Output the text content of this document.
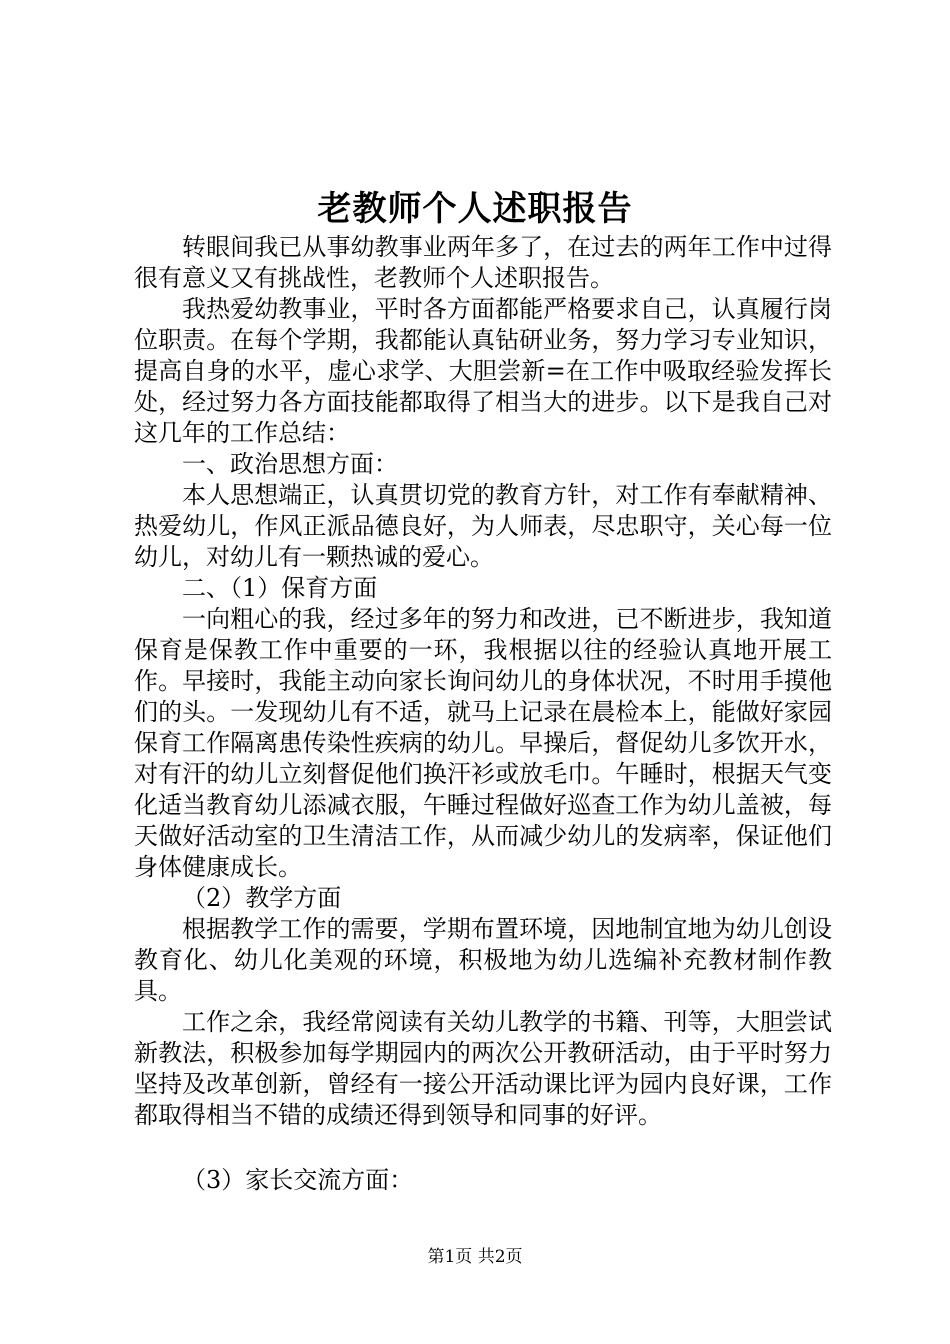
老教师个人述职报告

转眼间我已从事幼教事业两年多了，在过去的两年工作中过得很有意义又有挑战性，老教师个人述职报告。

我热爱幼教事业，平时各方面都能严格要求自己，认真履行岗位职责。在每个学期，我都能认真钻研业务，努力学习专业知识，提高自身的水平，虚心求学、大胆尝新=在工作中吸取经验发挥长处，经过努力各方面技能都取得了相当大的进步。以下是我自己对这几年的工作总结：

一、政治思想方面：

本人思想端正，认真贯切党的教育方针，对工作有奉献精神、热爱幼儿，作风正派品德良好，为人师表，尽忠职守，关心每一位幼儿，对幼儿有一颗热诚的爱心。

二、（1）保育方面

一向粗心的我，经过多年的努力和改进，已不断进步，我知道保育是保教工作中重要的一环，我根据以往的经验认真地开展工作。早接时，我能主动向家长询问幼儿的身体状况，不时用手摸他们的头。一发现幼儿有不适，就马上记录在晨检本上，能做好家园保育工作隔离患传染性疾病的幼儿。早操后，督促幼儿多饮开水，对有汗的幼儿立刻督促他们换汗衫或放毛巾。午睡时，根据天气变化适当教育幼儿添减衣服，午睡过程做好巡查工作为幼儿盖被，每天做好活动室的卫生清洁工作，从而减少幼儿的发病率，保证他们身体健康成长。

（2）教学方面

根据教学工作的需要，学期布置环境，因地制宜地为幼儿创设教育化、幼儿化美观的环境，积极地为幼儿选编补充教材制作教具。

工作之余，我经常阅读有关幼儿教学的书籍、刊等，大胆尝试新教法，积极参加每学期园内的两次公开教研活动，由于平时努力坚持及改革创新，曾经有一接公开活动课比评为园内良好课，工作都取得相当不错的成绩还得到领导和同事的好评。

（3）家长交流方面：

第1页 共2页
